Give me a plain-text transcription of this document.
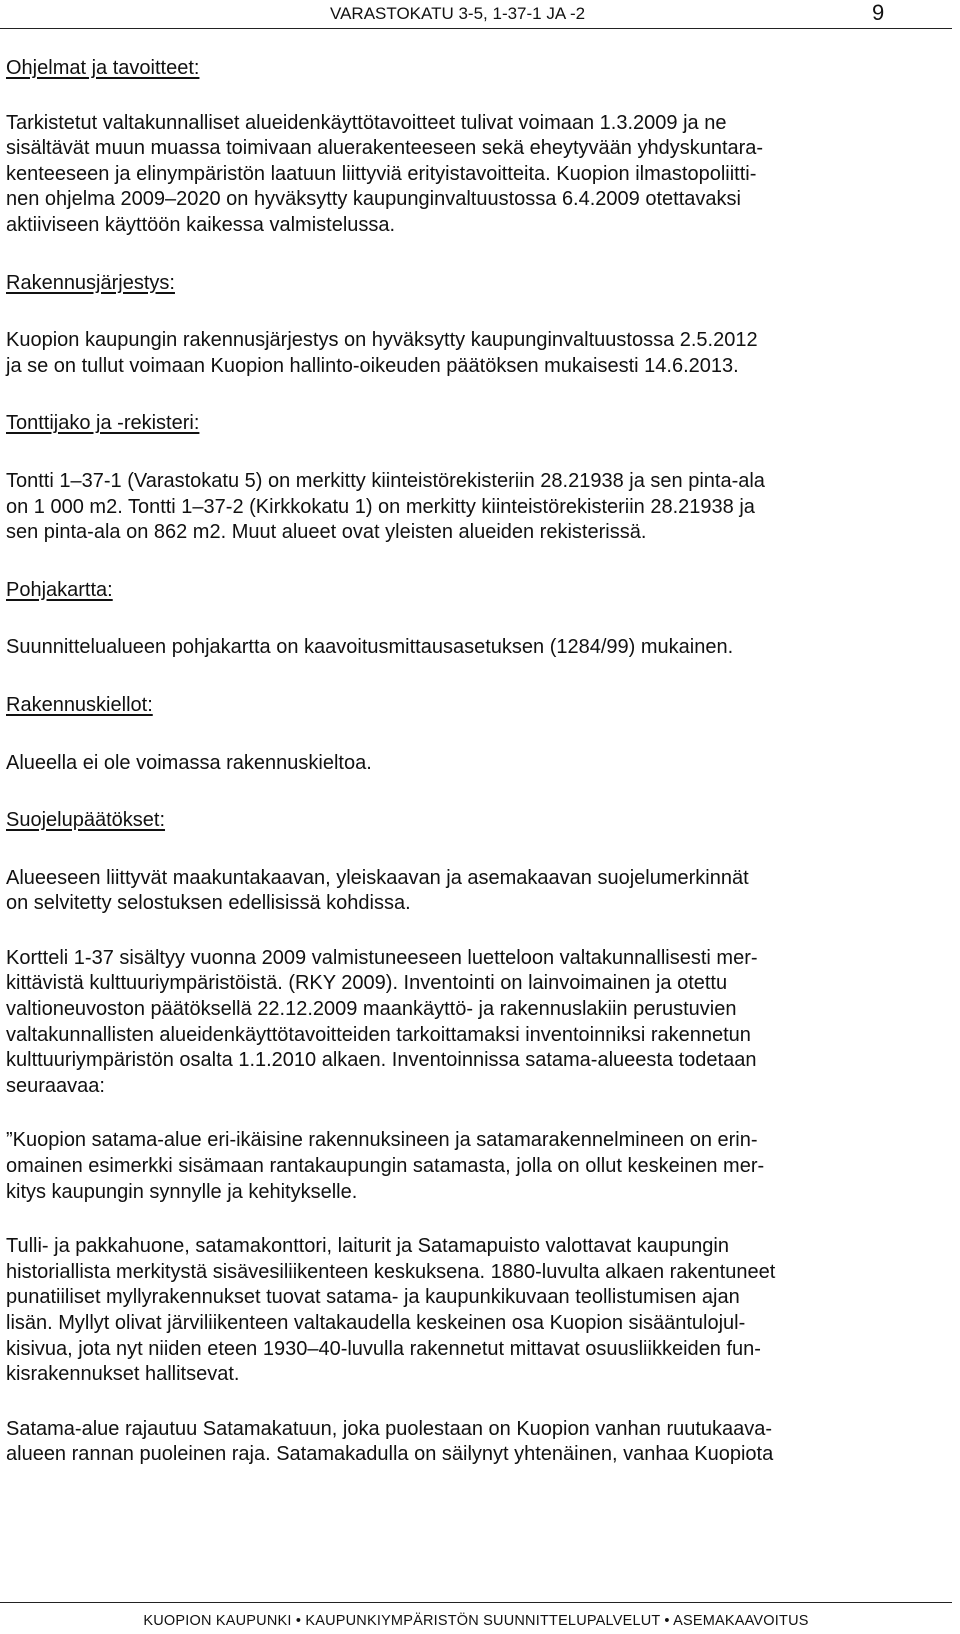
VARASTOKATU 3-5, 1-37-1 JA -2	9

Ohjelmat ja tavoitteet:

Tarkistetut valtakunnalliset alueidenkäyttötavoitteet tulivat voimaan 1.3.2009 ja ne
sisältävät muun muassa toimivaan aluerakenteeseen sekä eheytyvään yhdyskuntara-
kenteeseen ja elinympäristön laatuun liittyviä erityistavoitteita. Kuopion ilmastopoliitti-
nen ohjelma 2009–2020 on hyväksytty kaupunginvaltuustossa 6.4.2009 otettavaksi
aktiiviseen käyttöön kaikessa valmistelussa.

Rakennusjärjestys:

Kuopion kaupungin rakennusjärjestys on hyväksytty kaupunginvaltuustossa 2.5.2012
ja se on tullut voimaan Kuopion hallinto-oikeuden päätöksen mukaisesti 14.6.2013.

Tonttijako ja -rekisteri:

Tontti 1–37-1 (Varastokatu 5) on merkitty kiinteistörekisteriin 28.21938 ja sen pinta-ala
on 1 000 m2. Tontti 1–37-2 (Kirkkokatu 1) on merkitty kiinteistörekisteriin 28.21938 ja
sen pinta-ala on 862 m2. Muut alueet ovat yleisten alueiden rekisterissä.

Pohjakartta:

Suunnittelualueen pohjakartta on kaavoitusmittausasetuksen (1284/99) mukainen.

Rakennuskiellot:

Alueella ei ole voimassa rakennuskieltoa.

Suojelupäätökset:

Alueeseen liittyvät maakuntakaavan, yleiskaavan ja asemakaavan suojelumerkinnät
on selvitetty selostuksen edellisissä kohdissa.

Kortteli 1-37 sisältyy vuonna 2009 valmistuneeseen luetteloon valtakunnallisesti mer-
kittävistä kulttuuriympäristöistä. (RKY 2009). Inventointi on lainvoimainen ja otettu
valtioneuvoston päätöksellä 22.12.2009 maankäyttö- ja rakennuslakiin perustuvien
valtakunnallisten alueidenkäyttötavoitteiden tarkoittamaksi inventoinniksi rakennetun
kulttuuriympäristön osalta 1.1.2010 alkaen. Inventoinnissa satama-alueesta todetaan
seuraavaa:

”Kuopion satama-alue eri-ikäisine rakennuksineen ja satamarakennelmineen on erin-
omainen esimerkki sisämaan rantakaupungin satamasta, jolla on ollut keskeinen mer-
kitys kaupungin synnylle ja kehitykselle.

Tulli- ja pakkahuone, satamakonttori, laiturit ja Satamapuisto valottavat kaupungin
historiallista merkitystä sisävesiliikenteen keskuksena. 1880-luvulta alkaen rakentuneet
punatiiliset myllyrakennukset tuovat satama- ja kaupunkikuvaan teollistumisen ajan
lisän. Myllyt olivat järviliikenteen valtakaudella keskeinen osa Kuopion sisääntulojul-
kisivua, jota nyt niiden eteen 1930–40-luvulla rakennetut mittavat osuusliikkeiden fun-
kisrakennukset hallitsevat.

Satama-alue rajautuu Satamakatuun, joka puolestaan on Kuopion vanhan ruutukaava-
alueen rannan puoleinen raja. Satamakadulla on säilynyt yhtenäinen, vanhaa Kuopiota

KUOPION KAUPUNKI • KAUPUNKIYMPÄRISTÖN SUUNNITTELUPALVELUT • ASEMAKAAVOITUS
